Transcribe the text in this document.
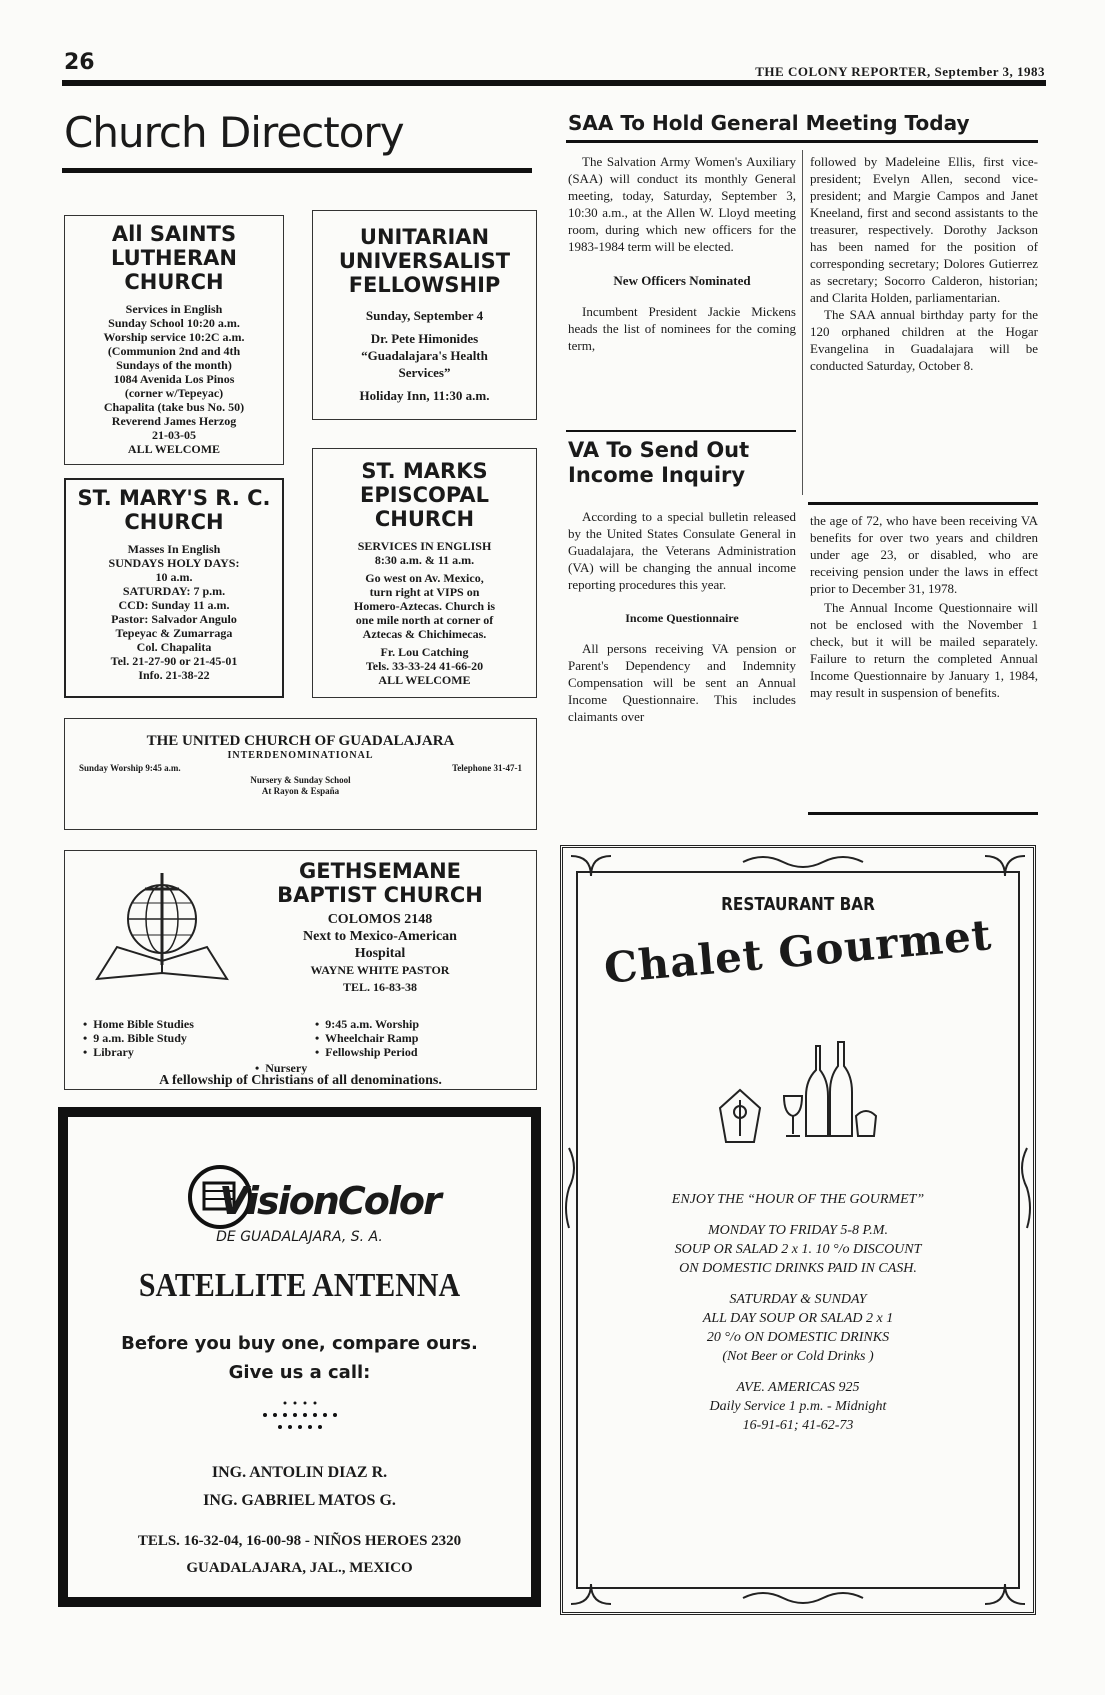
26	THE COLONY REPORTER, September 3, 1983
Church Directory
All SAINTS
LUTHERAN
CHURCH
Services in English
Sunday School 10:20 a.m.
Worship service 10:2C a.m.
(Communion 2nd and 4th
Sundays of the month)
1084 Avenida Los Pinos
(corner w/Tepeyac)
Chapalita (take bus No. 50)
Reverend James Herzog
21-03-05
ALL WELCOME
UNITARIAN
UNIVERSALIST
FELLOWSHIP
Sunday, September 4
Dr. Pete Himonides
“Guadalajara's Health
Services”
Holiday Inn, 11:30 a.m.
ST. MARY'S R. C.
CHURCH
Masses In English
SUNDAYS HOLY DAYS:
10 a.m.
SATURDAY: 7 p.m.
CCD: Sunday 11 a.m.
Pastor: Salvador Angulo
Tepeyac & Zumarraga
Col. Chapalita
Tel. 21-27-90 or 21-45-01
Info. 21-38-22
ST. MARKS
EPISCOPAL
CHURCH
SERVICES IN ENGLISH
8:30 a.m. & 11 a.m.
Go west on Av. Mexico,
turn right at VIPS on
Homero-Aztecas. Church is
one mile north at corner of
Aztecas & Chichimecas.
Fr. Lou Catching
Tels. 33-33-24 41-66-20
ALL WELCOME
THE UNITED CHURCH OF GUADALAJARA
INTERDENOMINATIONAL
Sunday Worship 9:45 a.m.	Telephone 31-47-1
Nursery & Sunday School
At Rayon & España
GETHSEMANE
BAPTIST CHURCH
COLOMOS 2148
Next to Mexico-American
Hospital
WAYNE WHITE PASTOR
TEL. 16-83-38
•  Home Bible Studies
•  9 a.m. Bible Study
•  Library
•  9:45 a.m. Worship
•  Wheelchair Ramp
•  Fellowship Period
•  Nursery
A fellowship of Christians of all denominations.
SAA To Hold General Meeting Today
The Salvation Army Women's Auxiliary (SAA) will conduct its monthly General meeting, today, Saturday, September 3, 10:30 a.m., at the Allen W. Lloyd meeting room, during which new officers for the 1983-1984 term will be elected.
New Officers Nominated
Incumbent President Jackie Mickens heads the list of nominees for the coming term,
followed by Madeleine Ellis, first vice-president; Evelyn Allen, second vice-president; and Margie Campos and Janet Kneeland, first and second assistants to the treasurer, respectively. Dorothy Jackson has been named for the position of corresponding secretary; Dolores Gutierrez as secretary; Socorro Calderon, historian; and Clarita Holden, parliamentarian.
The SAA annual birthday party for the 120 orphaned children at the Hogar Evangelina in Guadalajara will be conducted Saturday, October 8.
VA To Send Out
Income Inquiry
According to a special bulletin released by the United States Consulate General in Guadalajara, the Veterans Administration (VA) will be changing the annual income reporting procedures this year.
Income Questionnaire
All persons receiving VA pension or Parent's Dependency and Indemnity Compensation will be sent an Annual Income Questionnaire. This includes claimants over
the age of 72, who have been receiving VA benefits for over two years and children under age 23, or disabled, who are receiving pension under the laws in effect prior to December 31, 1978.
The Annual Income Questionnaire will not be enclosed with the November 1 check, but it will be mailed separately. Failure to return the completed Annual Income Questionnaire by January 1, 1984, may result in suspension of benefits.
VisionColor
DE GUADALAJARA, S. A.
SATELLITE ANTENNA
Before you buy one, compare ours.
Give us a call:
ING. ANTOLIN DIAZ R.
ING. GABRIEL MATOS G.
TELS. 16-32-04, 16-00-98 - NIÑOS HEROES 2320
GUADALAJARA, JAL., MEXICO
RESTAURANT BAR
Chalet Gourmet

ENJOY THE “HOUR OF THE GOURMET”
MONDAY TO FRIDAY 5-8 P.M.
SOUP OR SALAD 2 x 1. 10 °/o DISCOUNT
ON DOMESTIC DRINKS PAID IN CASH.
SATURDAY & SUNDAY
ALL DAY SOUP OR SALAD 2 x 1
20 °/o ON DOMESTIC DRINKS
(Not Beer or Cold Drinks )
AVE. AMERICAS 925
Daily Service 1 p.m. - Midnight
16-91-61; 41-62-73
